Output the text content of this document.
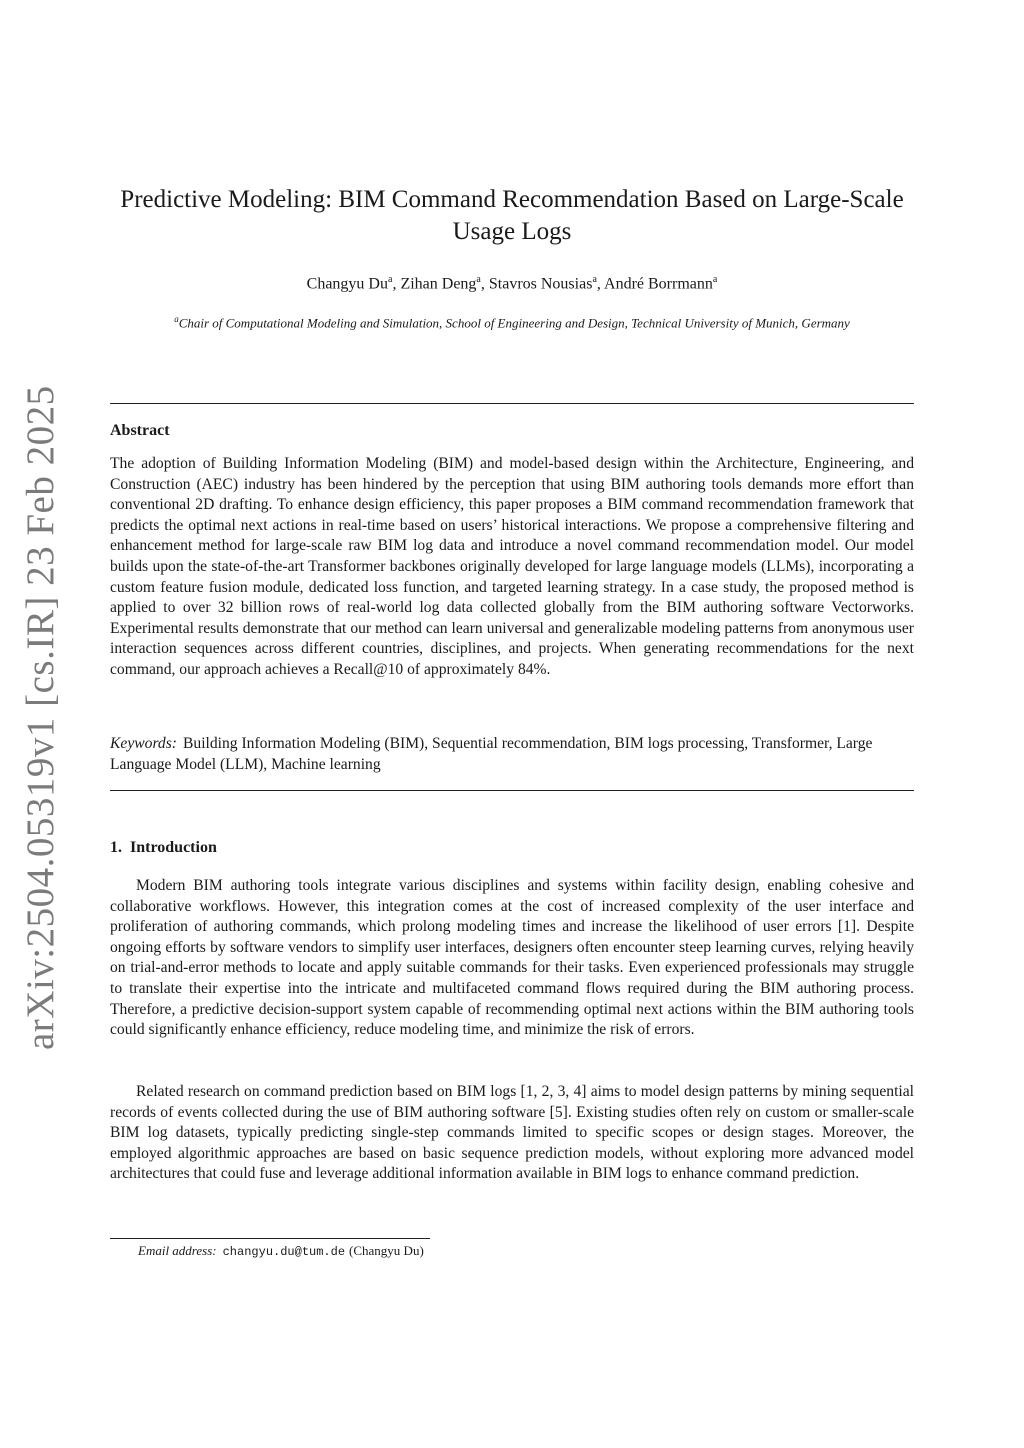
arXiv:2504.05319v1 [cs.IR] 23 Feb 2025
Predictive Modeling: BIM Command Recommendation Based on Large-Scale Usage Logs
Changyu Du$^a$, Zihan Deng$^a$, Stavros Nousias$^a$, André Borrmann$^a$
$^a$Chair of Computational Modeling and Simulation, School of Engineering and Design, Technical University of Munich, Germany
Abstract

The adoption of Building Information Modeling (BIM) and model-based design within the Architecture, Engineering, and Construction (AEC) industry has been hindered by the perception that using BIM authoring tools demands more effort than conventional 2D drafting. To enhance design efficiency, this paper proposes a BIM command recommendation framework that predicts the optimal next actions in real-time based on users’ historical interactions. We propose a comprehensive filtering and enhancement method for large-scale raw BIM log data and introduce a novel command recommendation model. Our model builds upon the state-of-the-art Transformer backbones originally developed for large language models (LLMs), incorporating a custom feature fusion module, dedicated loss function, and targeted learning strategy. In a case study, the proposed method is applied to over 32 billion rows of real-world log data collected globally from the BIM authoring software Vectorworks. Experimental results demonstrate that our method can learn universal and generalizable modeling patterns from anonymous user interaction sequences across different countries, disciplines, and projects. When generating recommendations for the next command, our approach achieves a Recall@10 of approximately 84%.

Keywords: Building Information Modeling (BIM), Sequential recommendation, BIM logs processing, Transformer, Large Language Model (LLM), Machine learning

1. Introduction

Modern BIM authoring tools integrate various disciplines and systems within facility design, enabling cohesive and collaborative workflows. However, this integration comes at the cost of increased complexity of the user interface and proliferation of authoring commands, which prolong modeling times and increase the likelihood of user errors [1]. Despite ongoing efforts by software vendors to simplify user interfaces, designers often encounter steep learning curves, relying heavily on trial-and-error methods to locate and apply suitable commands for their tasks. Even experienced professionals may struggle to translate their expertise into the intricate and multifaceted command flows required during the BIM authoring process. Therefore, a predictive decision-support system capable of recommending optimal next actions within the BIM authoring tools could significantly enhance efficiency, reduce modeling time, and minimize the risk of errors.

Related research on command prediction based on BIM logs [1, 2, 3, 4] aims to model design patterns by mining sequential records of events collected during the use of BIM authoring software [5]. Existing studies often rely on custom or smaller-scale BIM log datasets, typically predicting single-step commands limited to specific scopes or design stages. Moreover, the employed algorithmic approaches are based on basic sequence prediction models, without exploring more advanced model architectures that could fuse and leverage additional information available in BIM logs to enhance command prediction.

Email address: changyu.du@tum.de (Changyu Du)
